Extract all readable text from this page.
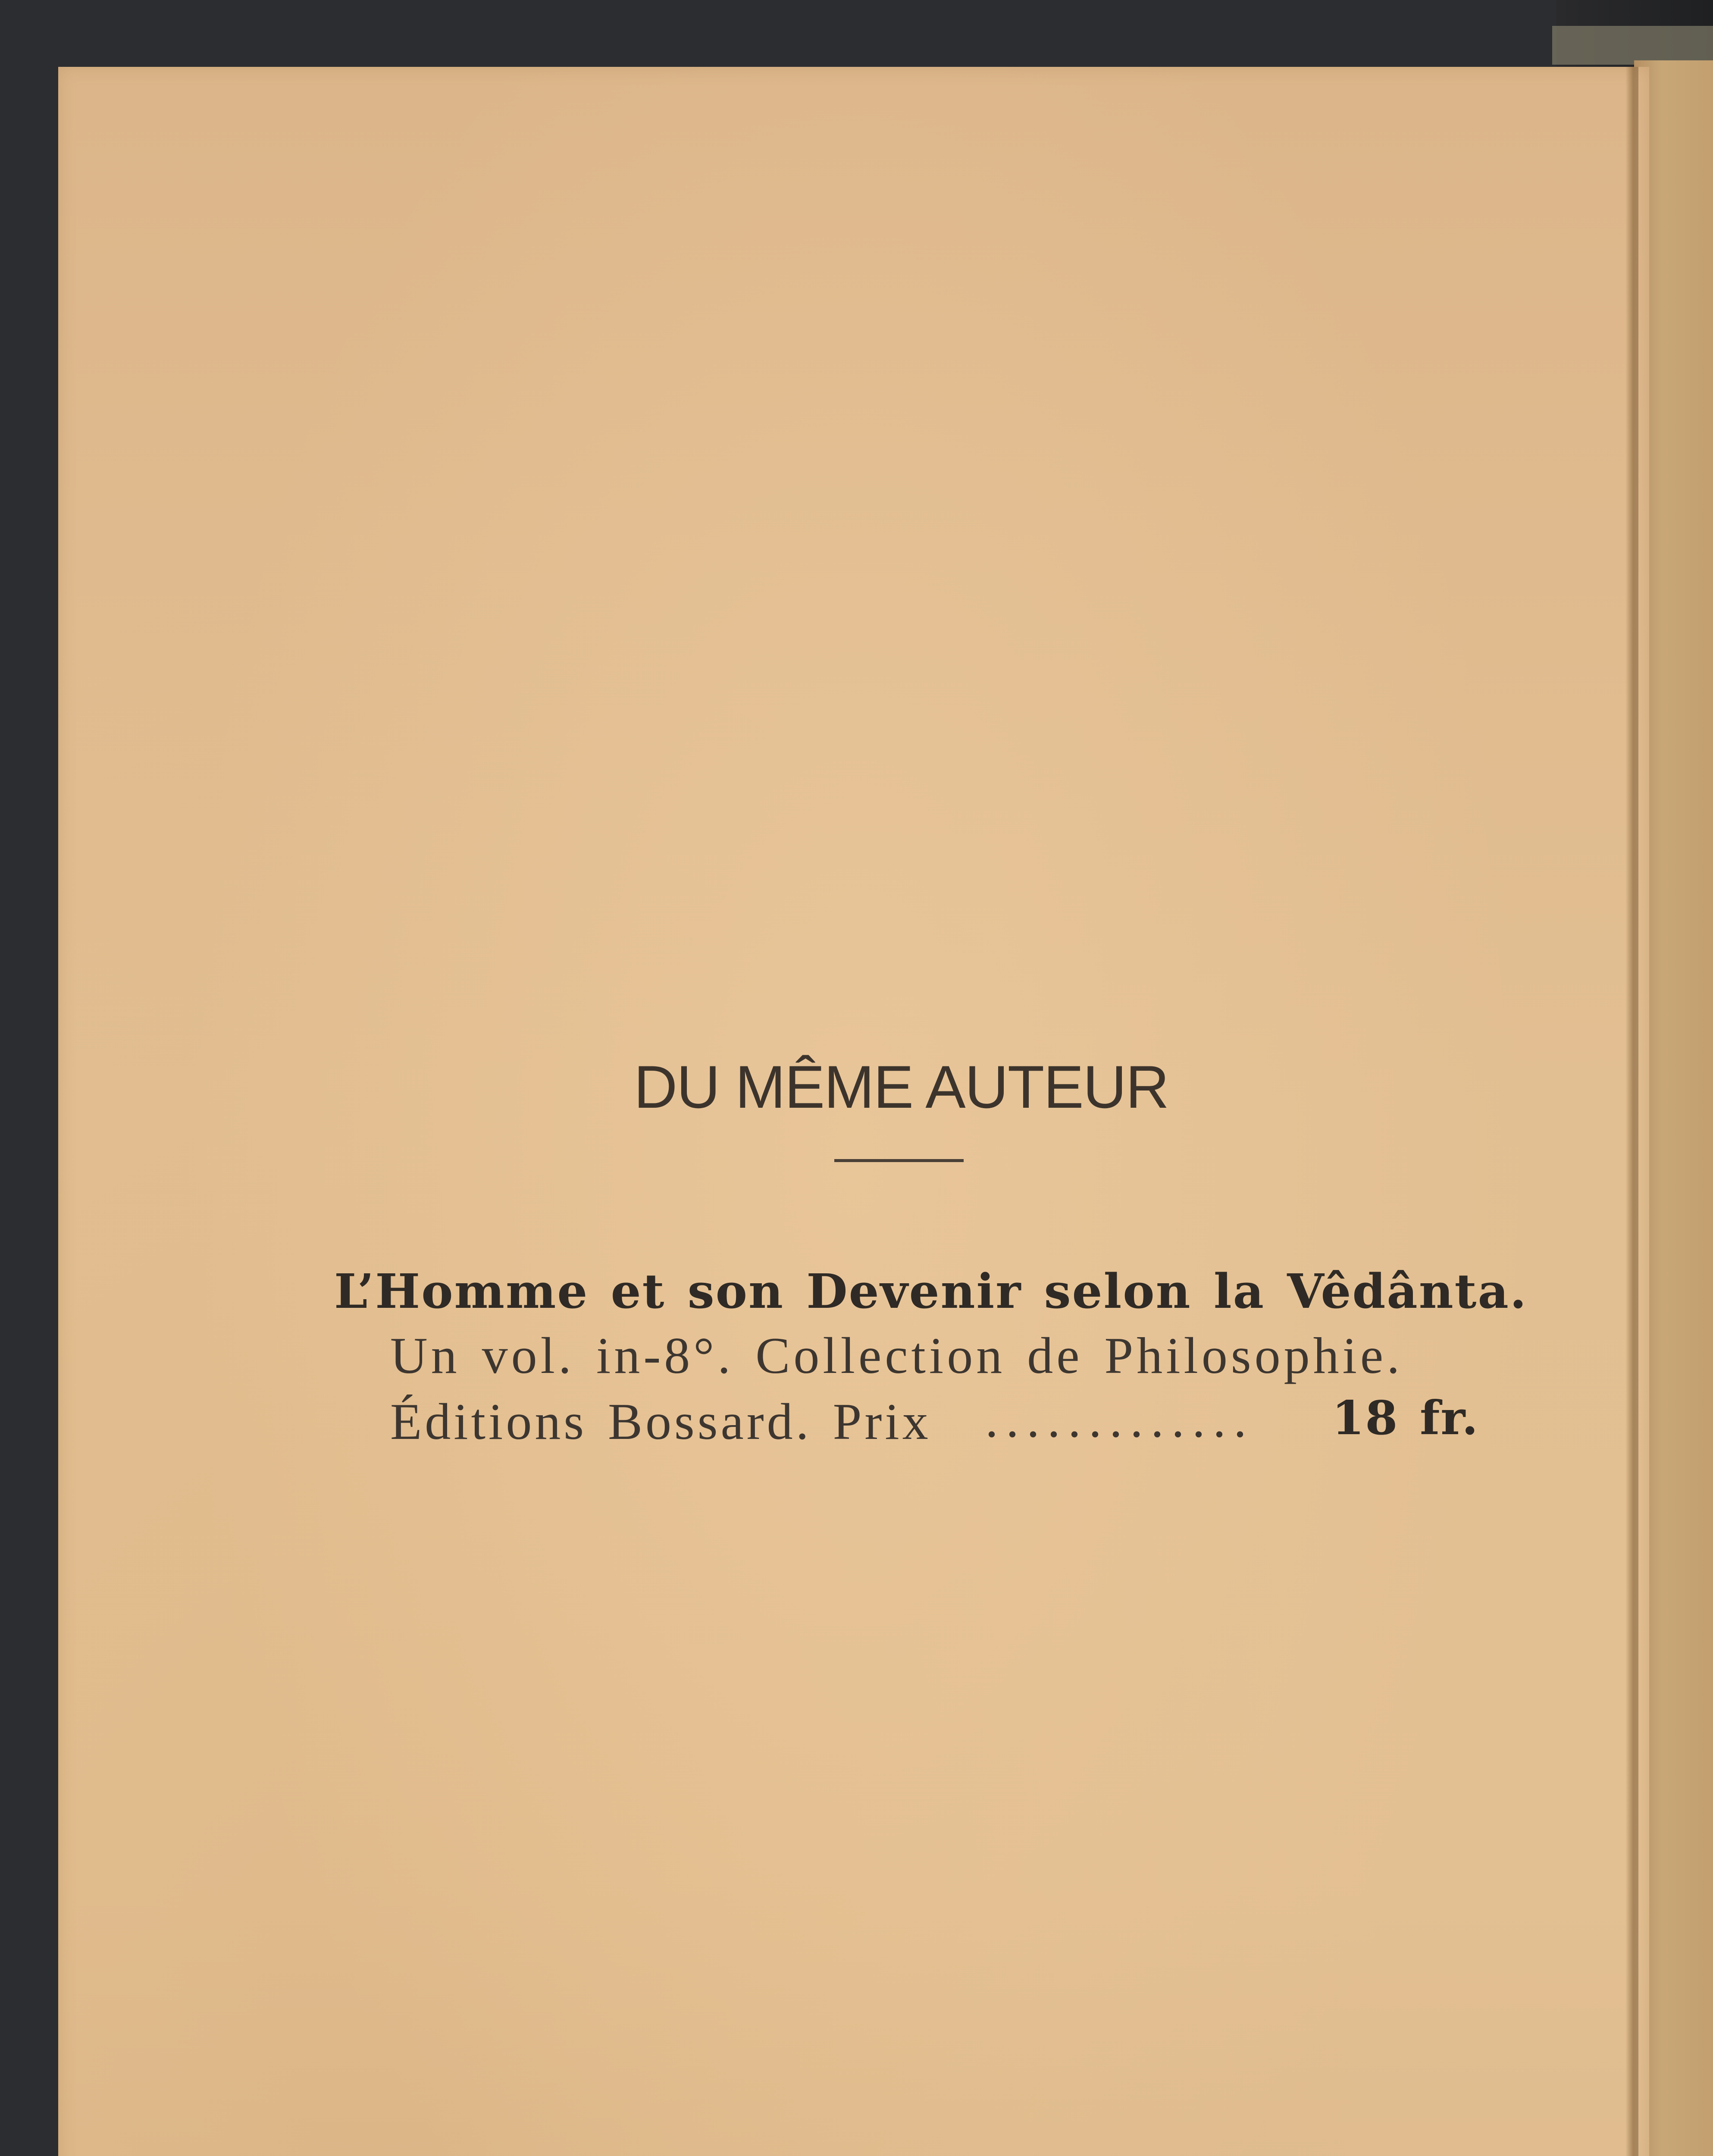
DU MÊME AUTEUR
L’Homme et son Devenir selon la Vêdânta.
Un vol. in-8°. Collection de Philosophie.
Éditions Bossard. Prix ............. 18 fr.
